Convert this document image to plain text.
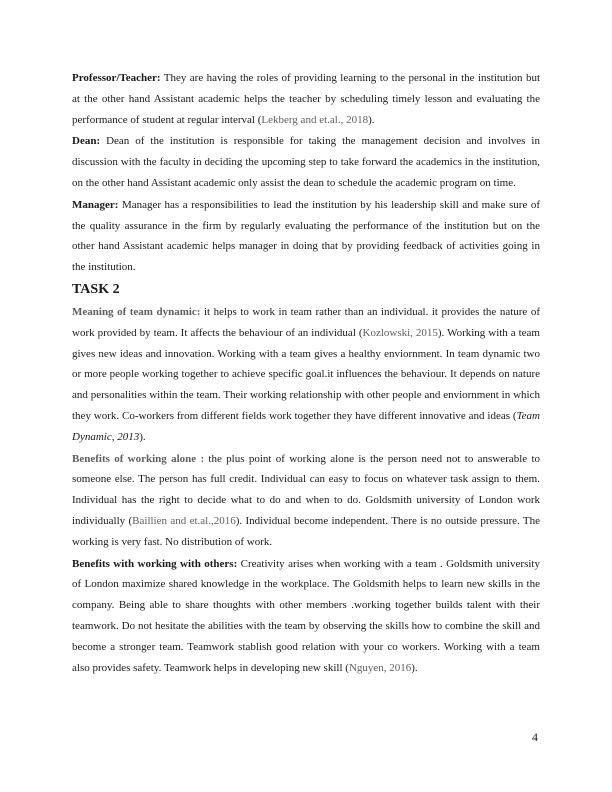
Professor/Teacher: They are having the roles of providing learning to the personal in the institution but at the other hand Assistant academic helps the teacher by scheduling timely lesson and evaluating the performance of student at regular interval (Lekberg and et.al., 2018).

Dean: Dean of the institution is responsible for taking the management decision and involves in discussion with the faculty in deciding the upcoming step to take forward the academics in the institution, on the other hand Assistant academic only assist the dean to schedule the academic program on time.

Manager: Manager has a responsibilities to lead the institution by his leadership skill and make sure of the quality assurance in the firm by regularly evaluating the performance of the institution but on the other hand Assistant academic helps manager in doing that by providing feedback of activities going in the institution.

TASK 2

Meaning of team dynamic: it helps to work in team rather than an individual. it provides the nature of work provided by team. It affects the behaviour of an individual (Kozlowski, 2015). Working with a team gives new ideas and innovation. Working with a team gives a healthy enviornment. In team dynamic two or more people working together to achieve specific goal.it influences the behaviour. It depends on nature and personalities within the team. Their working relationship with other people and enviornment in which they work. Co-workers from different fields work together they have different innovative and ideas (Team Dynamic, 2013).

Benefits of working alone : the plus point of working alone is the person need not to answerable to someone else. The person has full credit. Individual can easy to focus on whatever task assign to them. Individual has the right to decide what to do and when to do. Goldsmith university of London work individually (Baillien and et.al.,2016). Individual become independent. There is no outside pressure. The working is very fast. No distribution of work.

Benefits with working with others: Creativity arises when working with a team . Goldsmith university of London maximize shared knowledge in the workplace. The Goldsmith helps to learn new skills in the company. Being able to share thoughts with other members .working together builds talent with their teamwork. Do not hesitate the abilities with the team by observing the skills how to combine the skill and become a stronger team. Teamwork stablish good relation with your co workers. Working with a team also provides safety. Teamwork helps in developing new skill (Nguyen, 2016).

4
